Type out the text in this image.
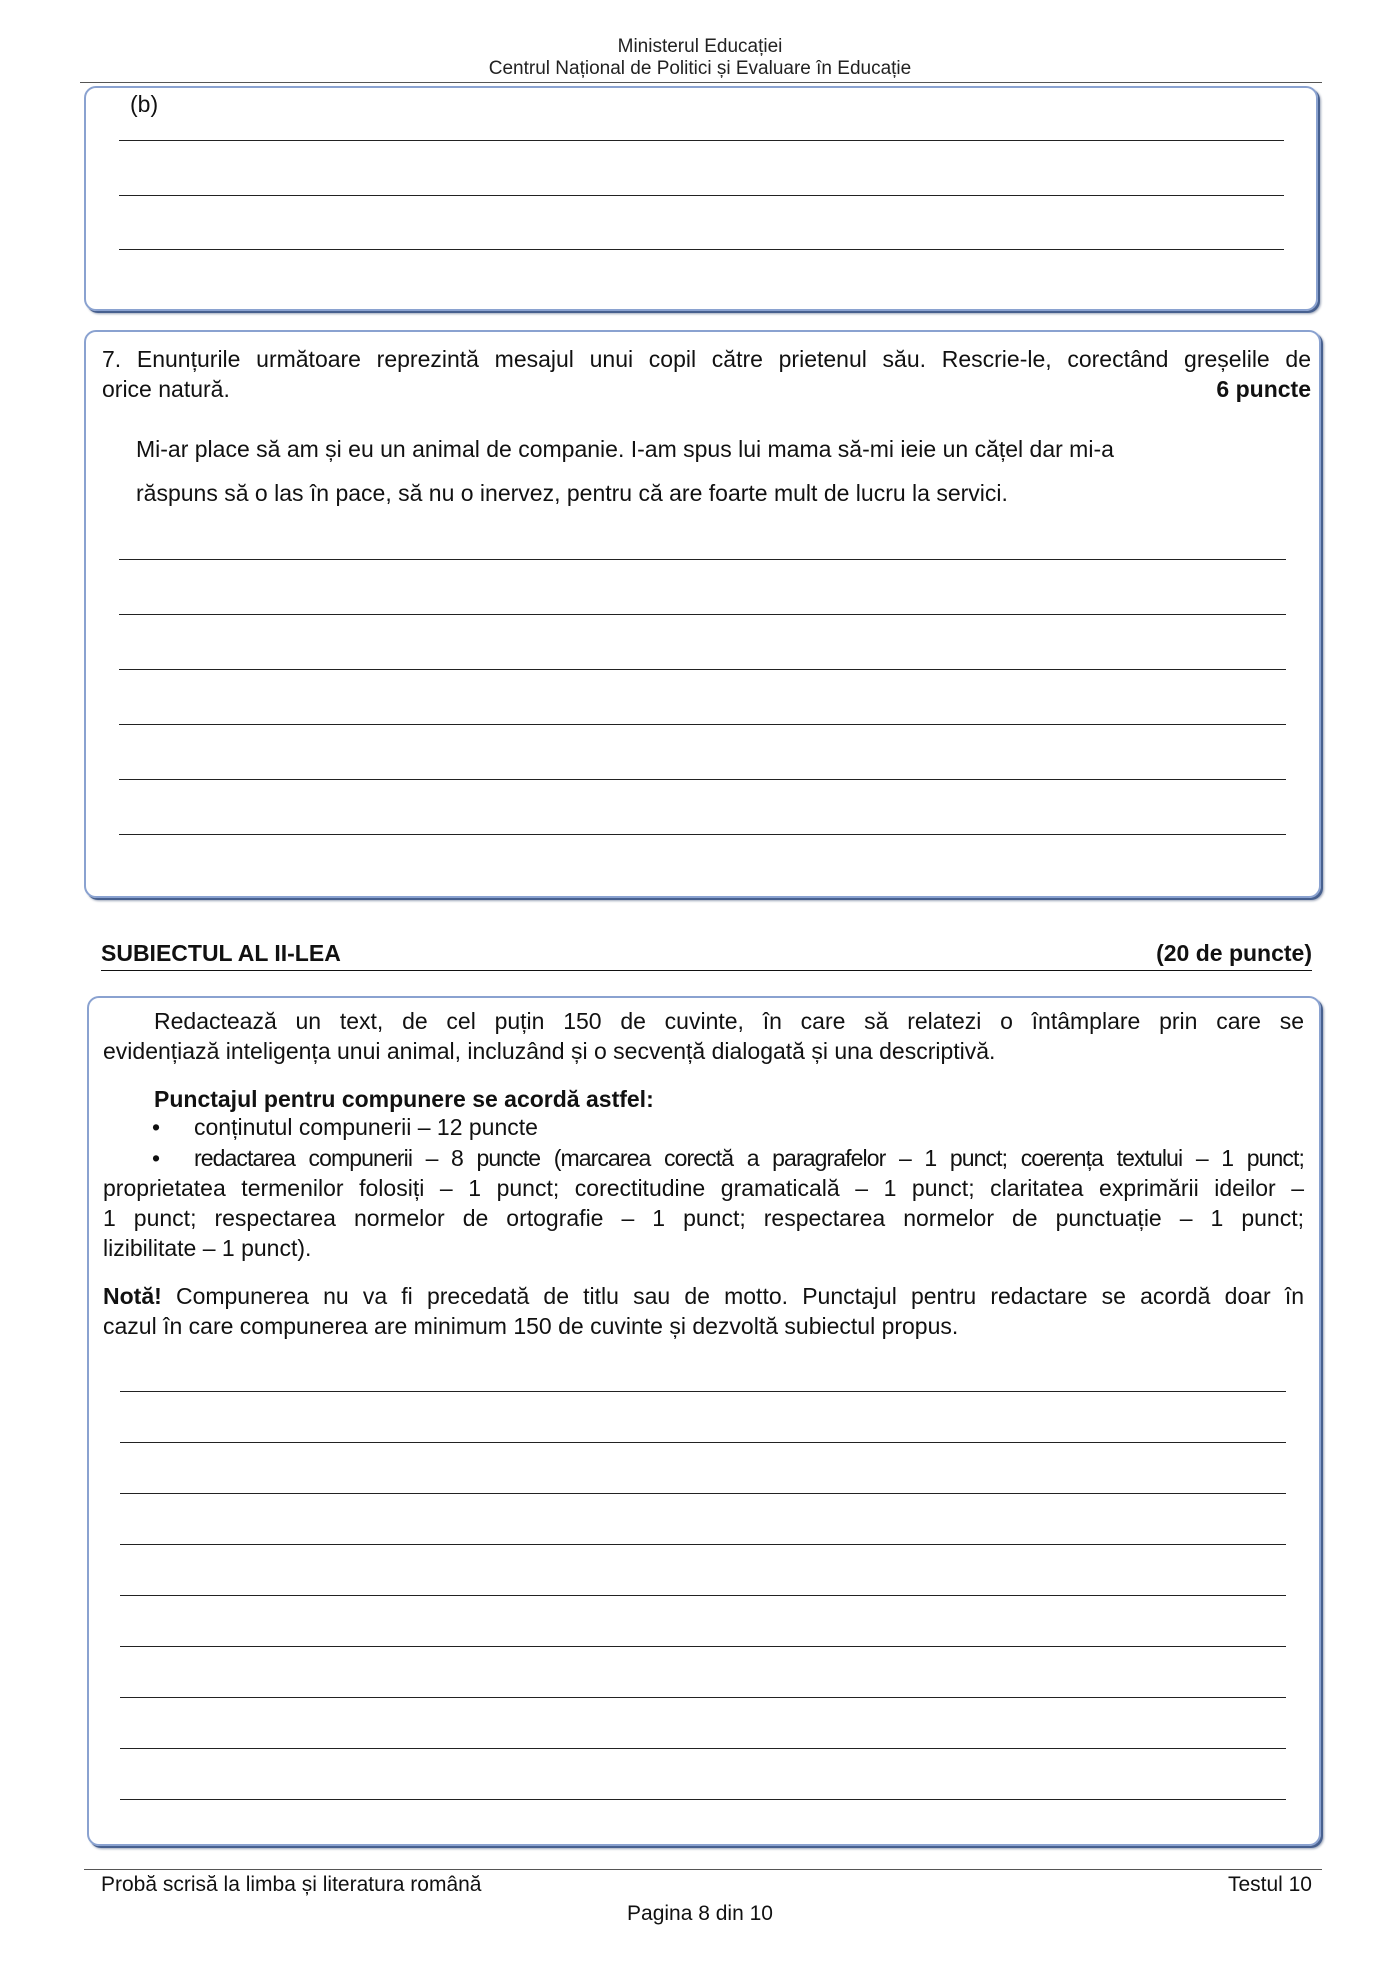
Ministerul Educației
Centrul Național de Politici și Evaluare în Educație
(b)
7. Enunțurile următoare reprezintă mesajul unui copil către prietenul său. Rescrie-le, corectând greșelile de
orice natură.	6 puncte
Mi-ar place să am și eu un animal de companie. I-am spus lui mama să-mi ieie un cățel dar mi-a
răspuns să o las în pace, să nu o inervez, pentru că are foarte mult de lucru la servici.
SUBIECTUL AL II-LEA	(20 de puncte)
Redactează un text, de cel puțin 150 de cuvinte, în care să relatezi o întâmplare prin care se
evidențiază inteligența unui animal, incluzând și o secvență dialogată și una descriptivă.
Punctajul pentru compunere se acordă astfel:
• conținutul compunerii – 12 puncte
• redactarea compunerii – 8 puncte (marcarea corectă a paragrafelor – 1 punct; coerența textului – 1 punct;
proprietatea termenilor folosiți – 1 punct; corectitudine gramaticală – 1 punct; claritatea exprimării ideilor –
1 punct; respectarea normelor de ortografie – 1 punct; respectarea normelor de punctuație – 1 punct;
lizibilitate – 1 punct).
Notă! Compunerea nu va fi precedată de titlu sau de motto. Punctajul pentru redactare se acordă doar în
cazul în care compunerea are minimum 150 de cuvinte și dezvoltă subiectul propus.
Probă scrisă la limba și literatura română	Testul 10
Pagina 8 din 10
